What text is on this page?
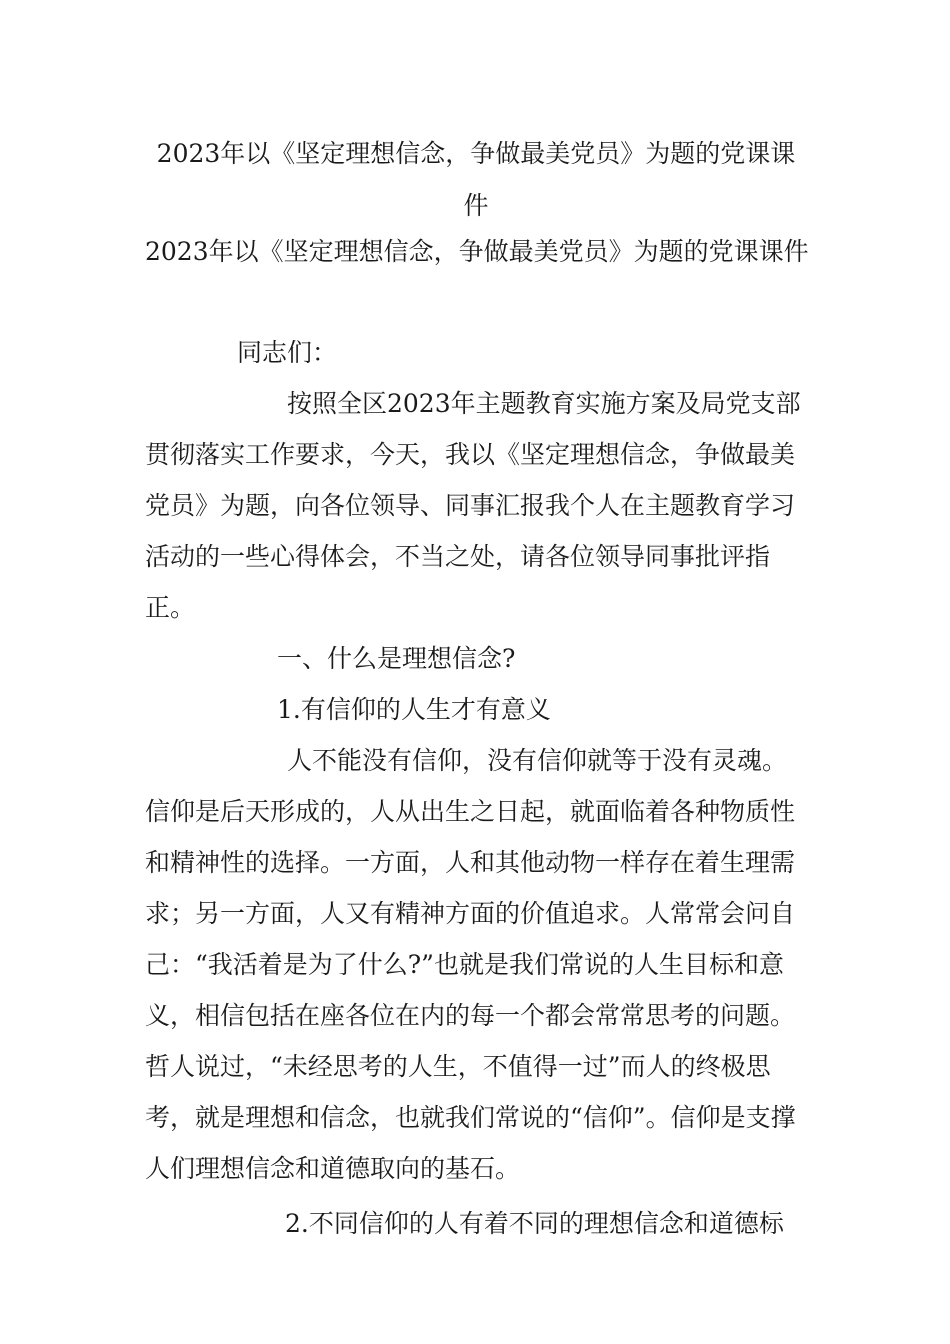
2023年以《坚定理想信念，争做最美党员》为题的党课课件

2023年以《坚定理想信念，争做最美党员》为题的党课课件

同志们：

按照全区2023年主题教育实施方案及局党支部贯彻落实工作要求，今天，我以《坚定理想信念，争做最美党员》为题，向各位领导、同事汇报我个人在主题教育学习活动的一些心得体会，不当之处，请各位领导同事批评指正。

一、什么是理想信念?

1.有信仰的人生才有意义

人不能没有信仰，没有信仰就等于没有灵魂。信仰是后天形成的，人从出生之日起，就面临着各种物质性和精神性的选择。一方面，人和其他动物一样存在着生理需求；另一方面，人又有精神方面的价值追求。人常常会问自己：“我活着是为了什么?”也就是我们常说的人生目标和意义，相信包括在座各位在内的每一个都会常常思考的问题。哲人说过，“未经思考的人生，不值得一过”而人的终极思考，就是理想和信念，也就我们常说的“信仰”。信仰是支撑人们理想信念和道德取向的基石。

2.不同信仰的人有着不同的理想信念和道德标
